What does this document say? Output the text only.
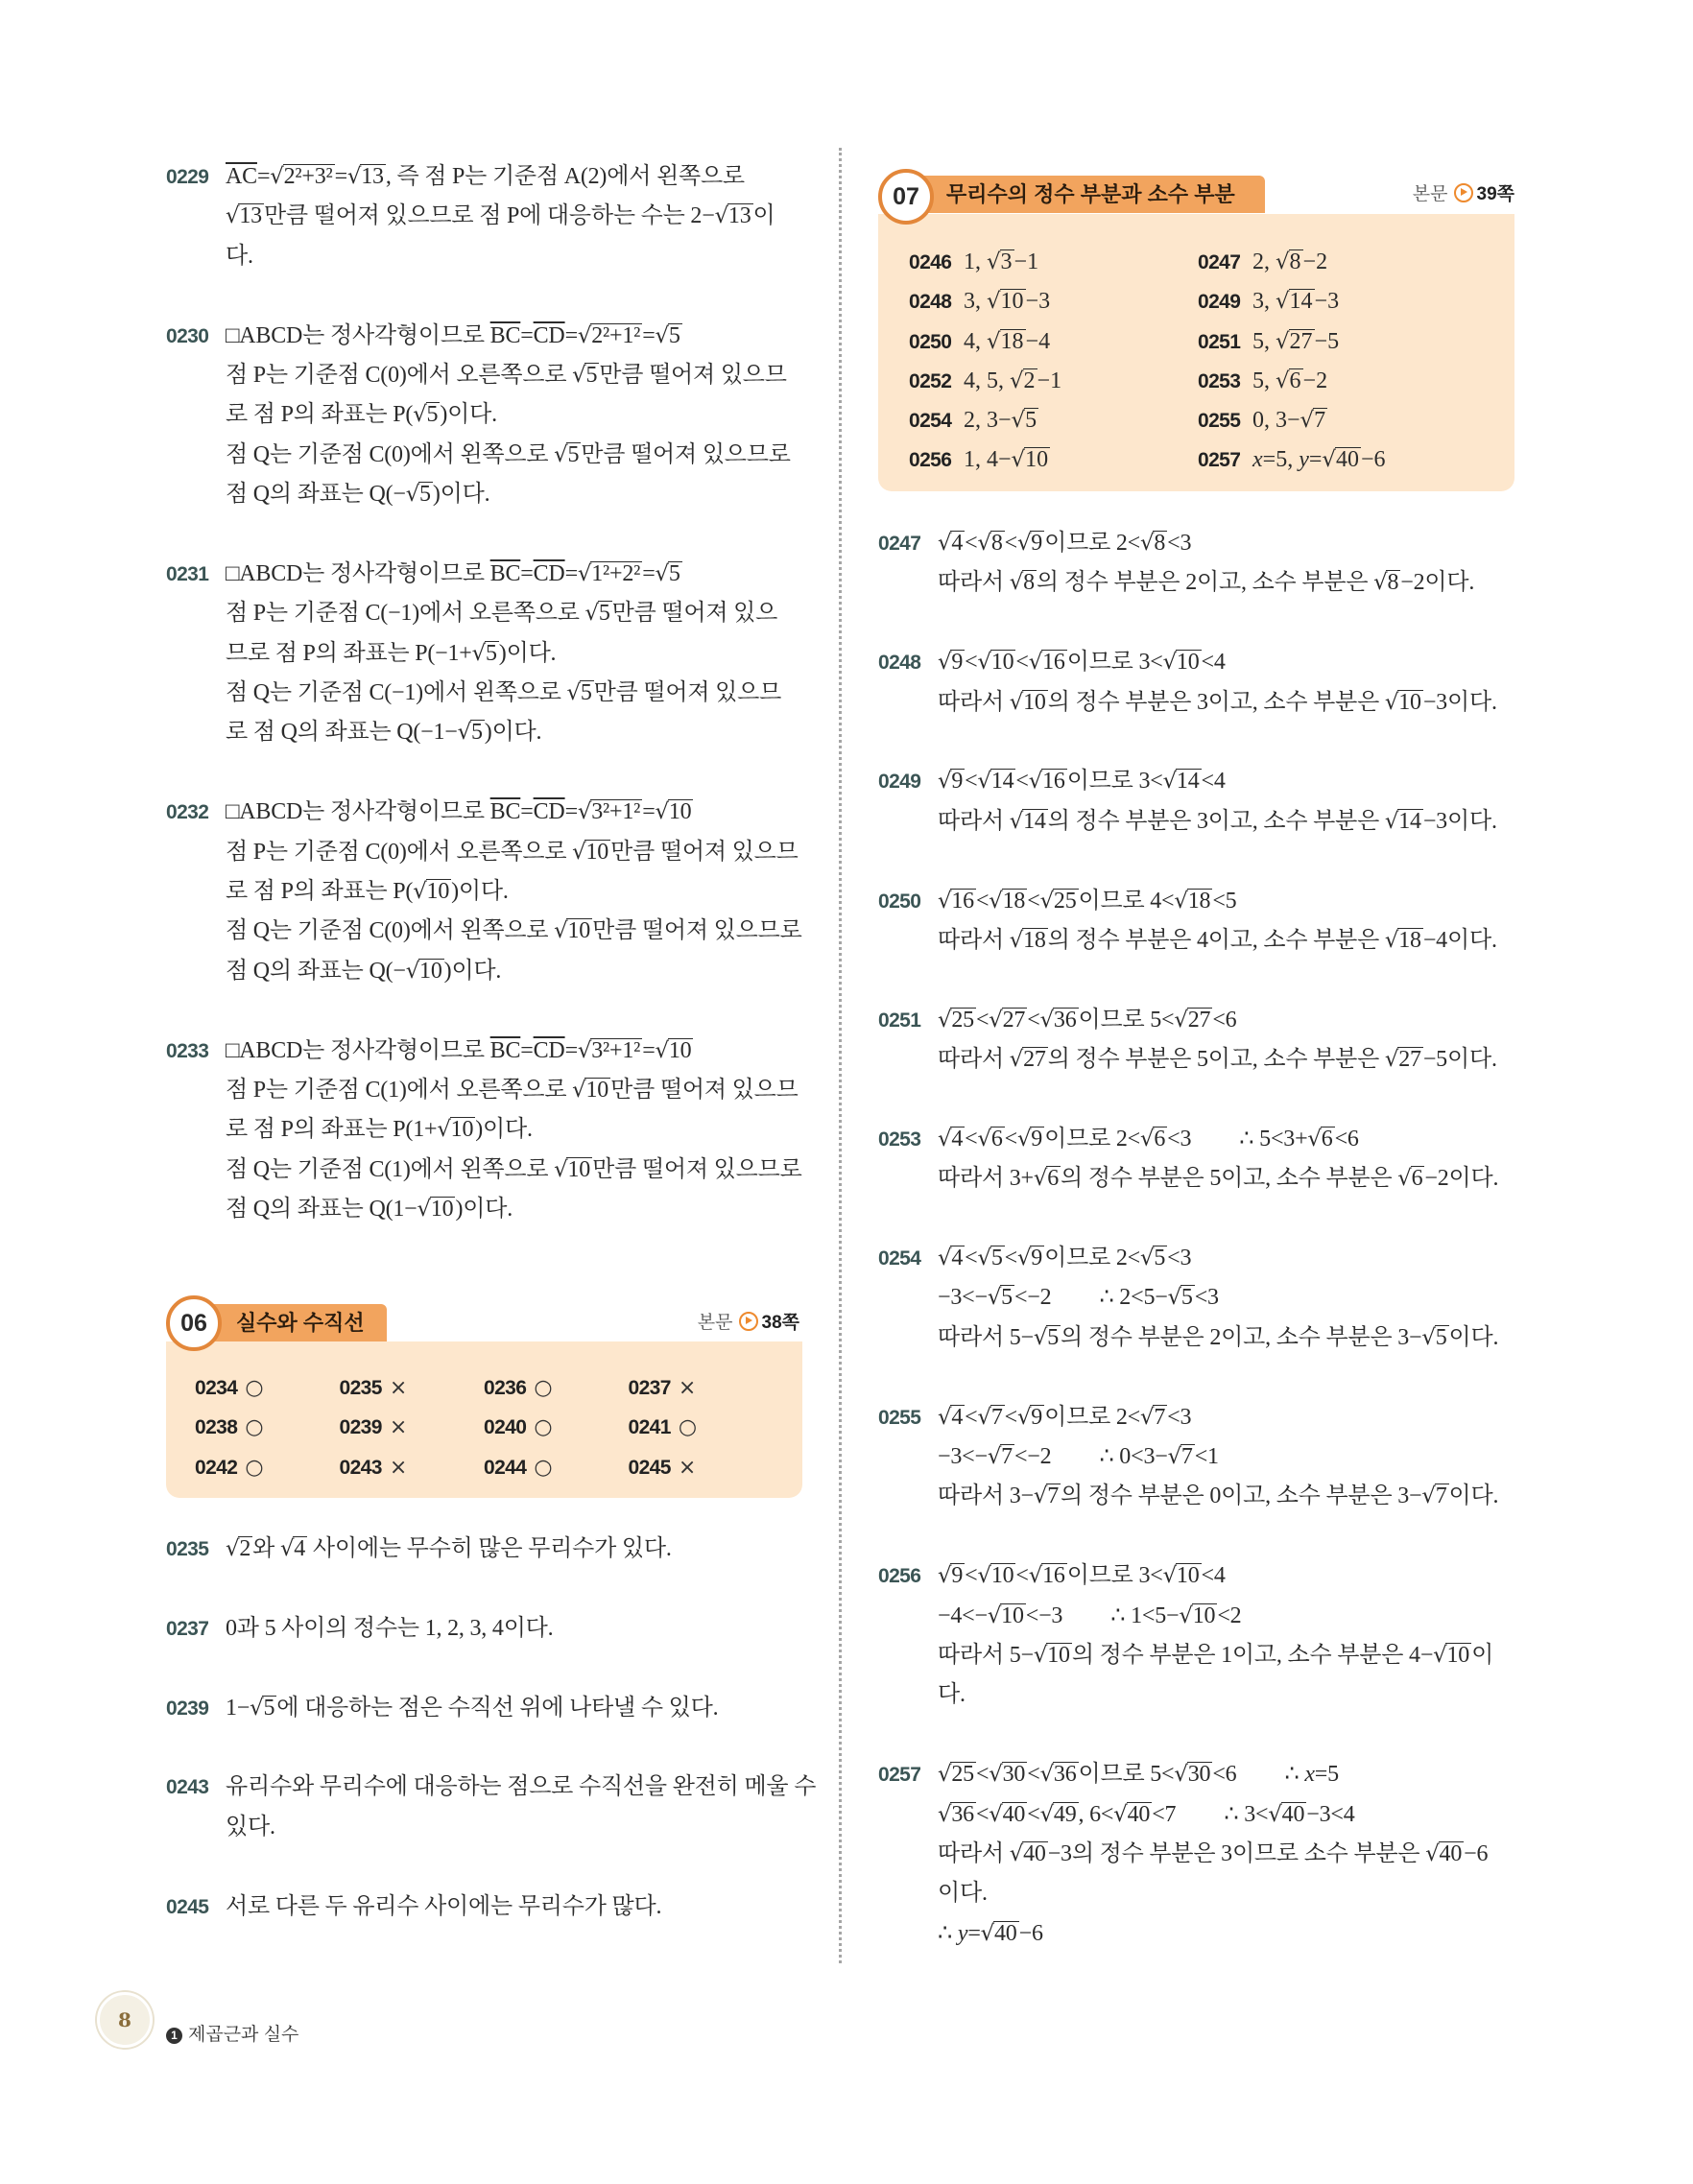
0229 $\overline{AC}=√2^2+3^2=√13$, 즉 점 P는 기준점 A(2)에서 왼쪽으로
√13만큼 떨어져 있으므로 점 P에 대응하는 수는 2−√13이
다.
0230 □ABCD는 정사각형이므로 $\overline{BC}=\overline{CD}=√2^2+1^2=√5$
점 P는 기준점 C(0)에서 오른쪽으로 √5만큼 떨어져 있으므
로 점 P의 좌표는 P(√5)이다.
점 Q는 기준점 C(0)에서 왼쪽으로 √5만큼 떨어져 있으므로
점 Q의 좌표는 Q(−√5)이다.
0231 □ABCD는 정사각형이므로 $\overline{BC}=\overline{CD}=√1^2+2^2=√5$
점 P는 기준점 C(−1)에서 오른쪽으로 √5만큼 떨어져 있으
므로 점 P의 좌표는 P(−1+√5)이다.
점 Q는 기준점 C(−1)에서 왼쪽으로 √5만큼 떨어져 있으므
로 점 Q의 좌표는 Q(−1−√5)이다.
0232 □ABCD는 정사각형이므로 $\overline{BC}=\overline{CD}=√3^2+1^2=√10$
점 P는 기준점 C(0)에서 오른쪽으로 √10만큼 떨어져 있으므
로 점 P의 좌표는 P(√10)이다.
점 Q는 기준점 C(0)에서 왼쪽으로 √10만큼 떨어져 있으므로
점 Q의 좌표는 Q(−√10)이다.
0233 □ABCD는 정사각형이므로 $\overline{BC}=\overline{CD}=√3^2+1^2=√10$
점 P는 기준점 C(1)에서 오른쪽으로 √10만큼 떨어져 있으므
로 점 P의 좌표는 P(1+√10)이다.
점 Q는 기준점 C(1)에서 왼쪽으로 √10만큼 떨어져 있으므로
점 Q의 좌표는 Q(1−√10)이다.
06	실수와 수직선	본문 38쪽
0234 ○	0235 ×	0236 ○	0237 ×
0238 ○	0239 ×	0240 ○	0241 ○
0242 ○	0243 ×	0244 ○	0245 ×
0235 √2와 √4 사이에는 무수히 많은 무리수가 있다.
0237 0과 5 사이의 정수는 1, 2, 3, 4이다.
0239 1−√5에 대응하는 점은 수직선 위에 나타낼 수 있다.
0243 유리수와 무리수에 대응하는 점으로 수직선을 완전히 메울 수
있다.
0245 서로 다른 두 유리수 사이에는 무리수가 많다.
07	무리수의 정수 부분과 소수 부분	본문 39쪽
0246 1, √3−1	0247 2, √8−2
0248 3, √10−3	0249 3, √14−3
0250 4, √18−4	0251 5, √27−5
0252 4, 5, √2−1	0253 5, √6−2
0254 2, 3−√5	0255 0, 3−√7
0256 1, 4−√10	0257 x=5, y=√40−6
0247 √4<√8<√9이므로 2<√8<3
따라서 √8의 정수 부분은 2이고, 소수 부분은 √8−2이다.
0248 √9<√10<√16이므로 3<√10<4
따라서 √10의 정수 부분은 3이고, 소수 부분은 √10−3이다.
0249 √9<√14<√16이므로 3<√14<4
따라서 √14의 정수 부분은 3이고, 소수 부분은 √14−3이다.
0250 √16<√18<√25이므로 4<√18<5
따라서 √18의 정수 부분은 4이고, 소수 부분은 √18−4이다.
0251 √25<√27<√36이므로 5<√27<6
따라서 √27의 정수 부분은 5이고, 소수 부분은 √27−5이다.
0253 √4<√6<√9이므로 2<√6<3 ∴ 5<3+√6<6
따라서 3+√6의 정수 부분은 5이고, 소수 부분은 √6−2이다.
0254 √4<√5<√9이므로 2<√5<3
−3<−√5<−2 ∴ 2<5−√5<3
따라서 5−√5의 정수 부분은 2이고, 소수 부분은 3−√5이다.
0255 √4<√7<√9이므로 2<√7<3
−3<−√7<−2 ∴ 0<3−√7<1
따라서 3−√7의 정수 부분은 0이고, 소수 부분은 3−√7이다.
0256 √9<√10<√16이므로 3<√10<4
−4<−√10<−3 ∴ 1<5−√10<2
따라서 5−√10의 정수 부분은 1이고, 소수 부분은 4−√10이
다.
0257 √25<√30<√36이므로 5<√30<6 ∴ x=5
√36<√40<√49, 6<√40<7 ∴ 3<√40−3<4
따라서 √40−3의 정수 부분은 3이므로 소수 부분은 √40−6
이다.
∴ y=√40−6
8
1 제곱근과 실수
